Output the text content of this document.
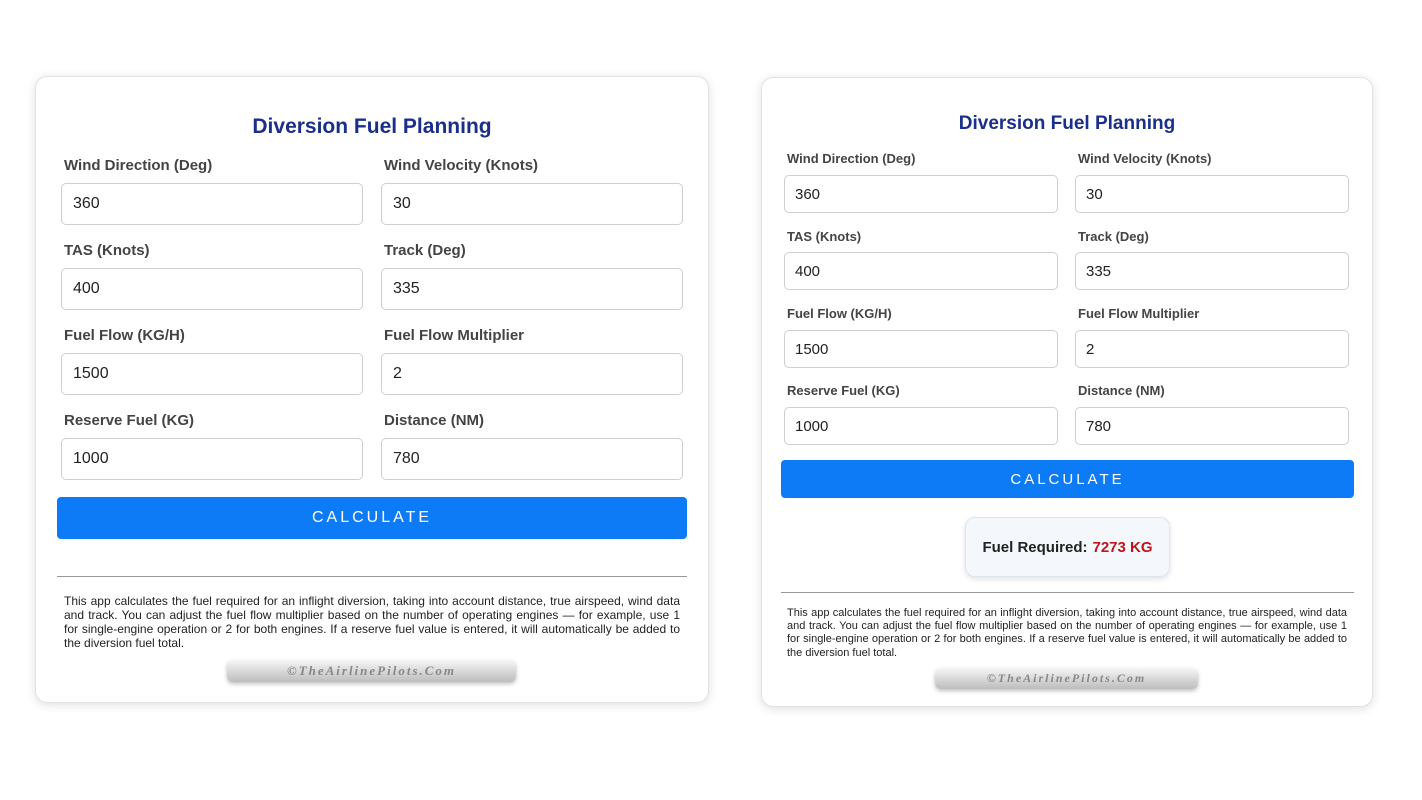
Diversion Fuel Planning
Wind Direction (Deg)
360
Wind Velocity (Knots)
30
TAS (Knots)
400
Track (Deg)
335
Fuel Flow (KG/H)
1500
Fuel Flow Multiplier
2
Reserve Fuel (KG)
1000
Distance (NM)
780
CALCULATE
This app calculates the fuel required for an inflight diversion, taking into account distance, true airspeed, wind data and track. You can adjust the fuel flow multiplier based on the number of operating engines — for example, use 1 for single-engine operation or 2 for both engines. If a reserve fuel value is entered, it will automatically be added to the diversion fuel total.
©TheAirlinePilots.Com
Diversion Fuel Planning
Wind Direction (Deg)
360
Wind Velocity (Knots)
30
TAS (Knots)
400
Track (Deg)
335
Fuel Flow (KG/H)
1500
Fuel Flow Multiplier
2
Reserve Fuel (KG)
1000
Distance (NM)
780
CALCULATE
Fuel Required: 7273 KG
This app calculates the fuel required for an inflight diversion, taking into account distance, true airspeed, wind data and track. You can adjust the fuel flow multiplier based on the number of operating engines — for example, use 1 for single-engine operation or 2 for both engines. If a reserve fuel value is entered, it will automatically be added to the diversion fuel total.
©TheAirlinePilots.Com
